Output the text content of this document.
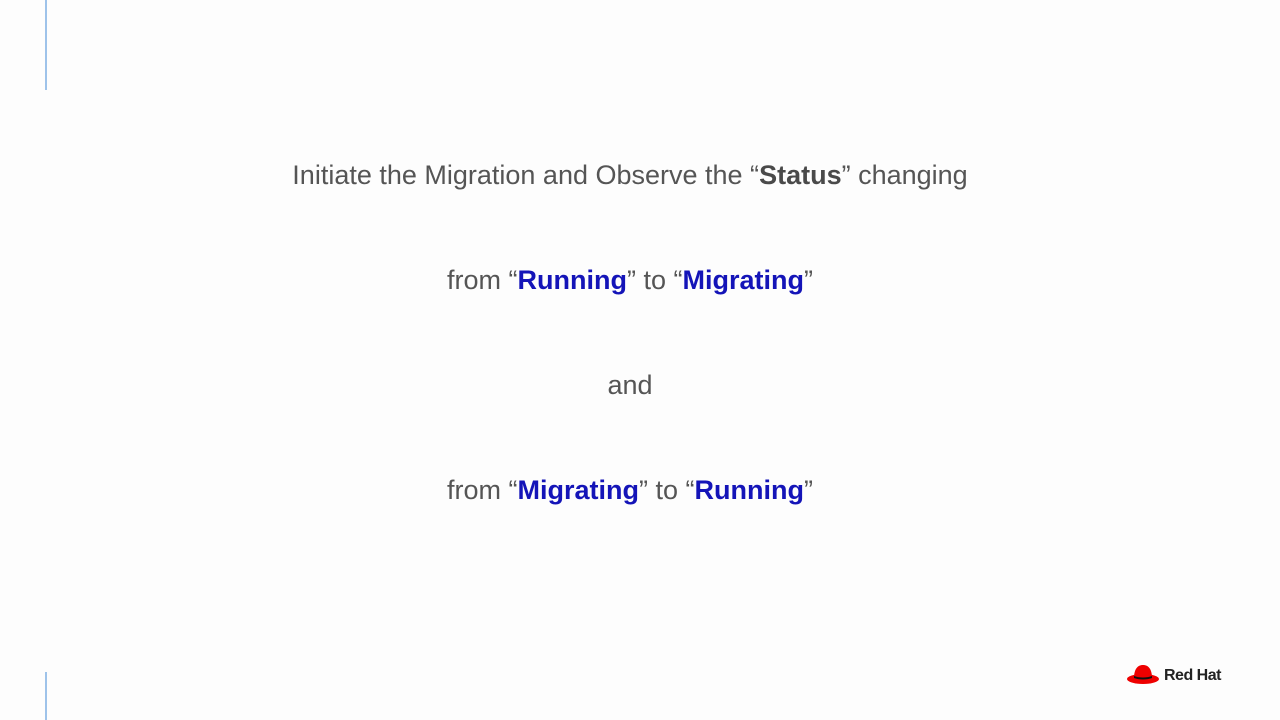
Initiate the Migration and Observe the “Status” changing
from “Running” to “Migrating”
and
from “Migrating” to “Running”
Red Hat
